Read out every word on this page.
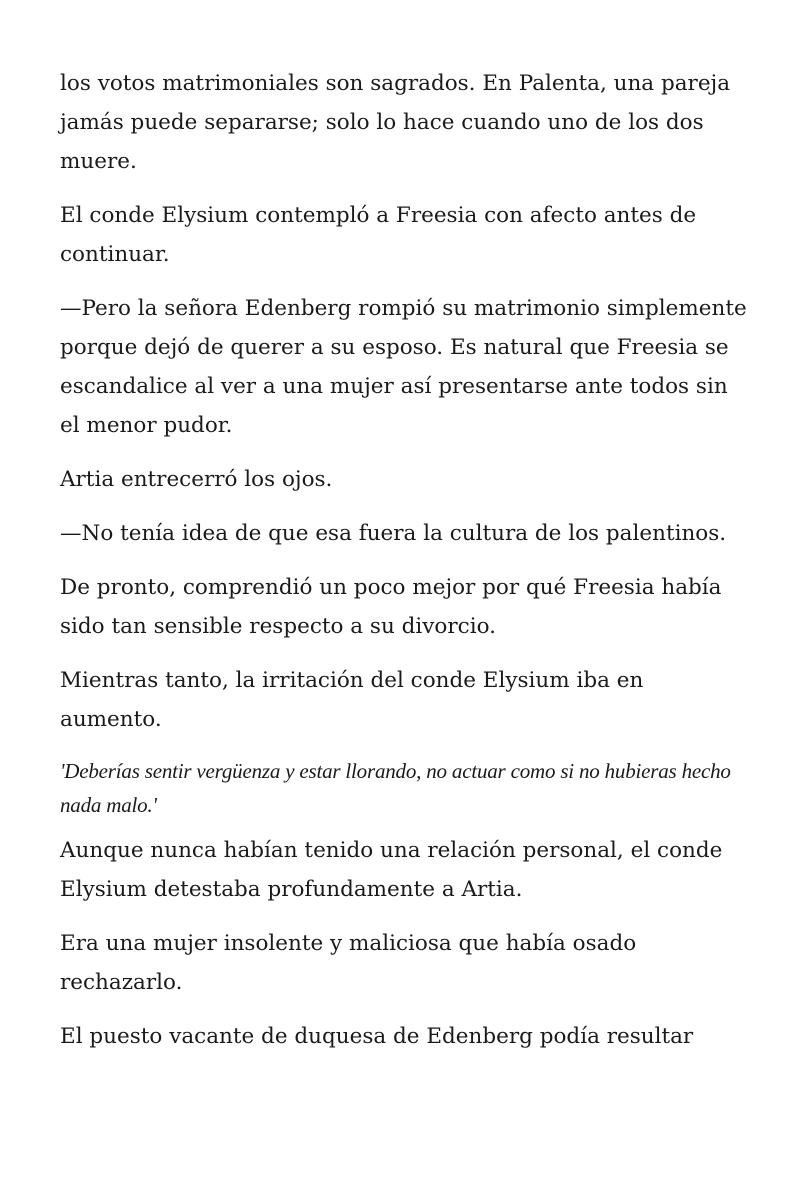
los votos matrimoniales son sagrados. En Palenta, una pareja jamás puede separarse; solo lo hace cuando uno de los dos muere.

El conde Elysium contempló a Freesia con afecto antes de continuar.

—Pero la señora Edenberg rompió su matrimonio simplemente porque dejó de querer a su esposo. Es natural que Freesia se escandalice al ver a una mujer así presentarse ante todos sin el menor pudor.

Artia entrecerró los ojos.

—No tenía idea de que esa fuera la cultura de los palentinos.

De pronto, comprendió un poco mejor por qué Freesia había sido tan sensible respecto a su divorcio.

Mientras tanto, la irritación del conde Elysium iba en aumento.

'Deberías sentir vergüenza y estar llorando, no actuar como si no hubieras hecho nada malo.'

Aunque nunca habían tenido una relación personal, el conde Elysium detestaba profundamente a Artia.

Era una mujer insolente y maliciosa que había osado rechazarlo.

El puesto vacante de duquesa de Edenberg podía resultar
